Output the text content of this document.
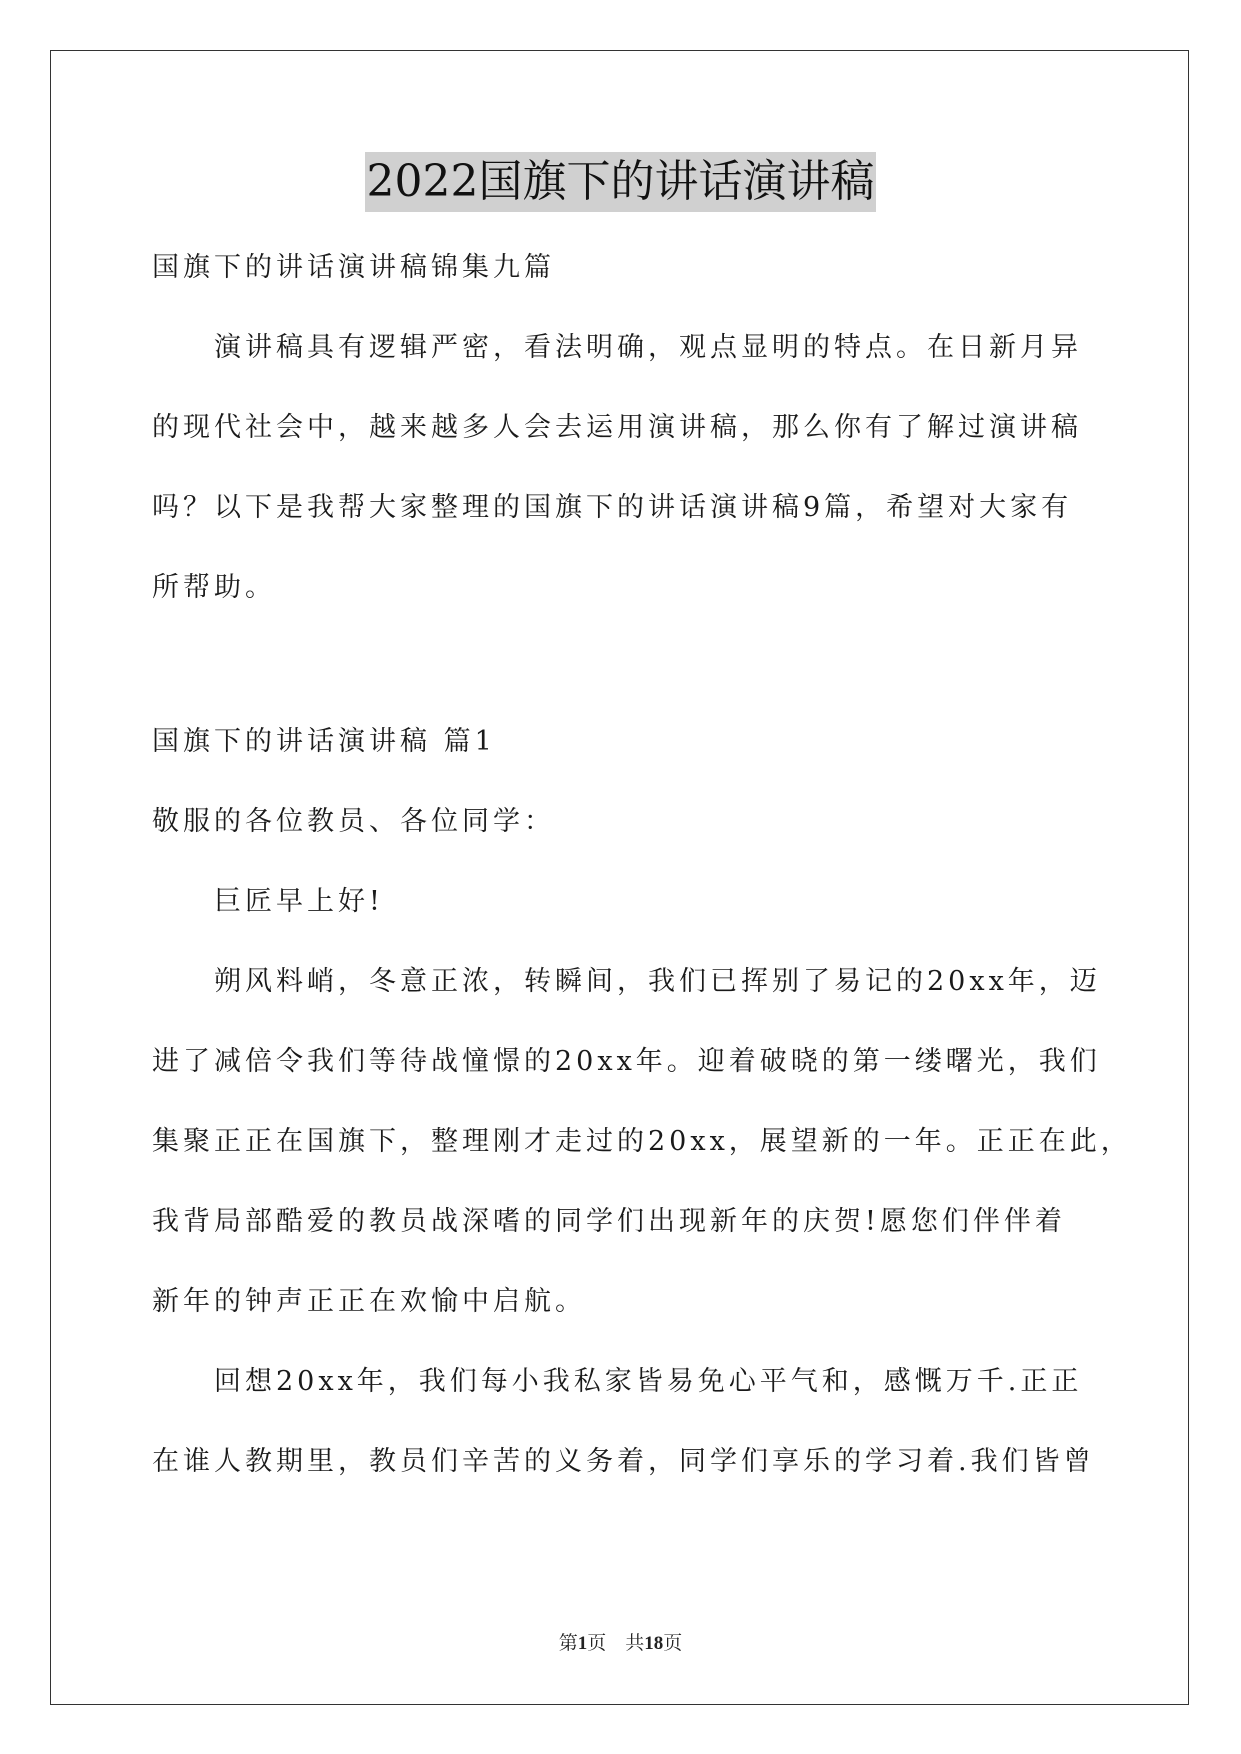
2022国旗下的讲话演讲稿

国旗下的讲话演讲稿锦集九篇

演讲稿具有逻辑严密，看法明确，观点显明的特点。在日新月异

的现代社会中，越来越多人会去运用演讲稿，那么你有了解过演讲稿

吗？以下是我帮大家整理的国旗下的讲话演讲稿9篇，希望对大家有

所帮助。

国旗下的讲话演讲稿 篇1

敬服的各位教员、各位同学：

巨匠早上好!

朔风料峭，冬意正浓，转瞬间，我们已挥别了易记的20xx年，迈

进了减倍令我们等待战憧憬的20xx年。迎着破晓的第一缕曙光，我们

集聚正正在国旗下，整理刚才走过的20xx，展望新的一年。正正在此，

我背局部酷爱的教员战深嗜的同学们出现新年的庆贺!愿您们伴伴着

新年的钟声正正在欢愉中启航。

回想20xx年，我们每小我私家皆易免心平气和，感慨万千.正正

在谁人教期里，教员们辛苦的义务着，同学们享乐的学习着.我们皆曾

第1页　共18页
